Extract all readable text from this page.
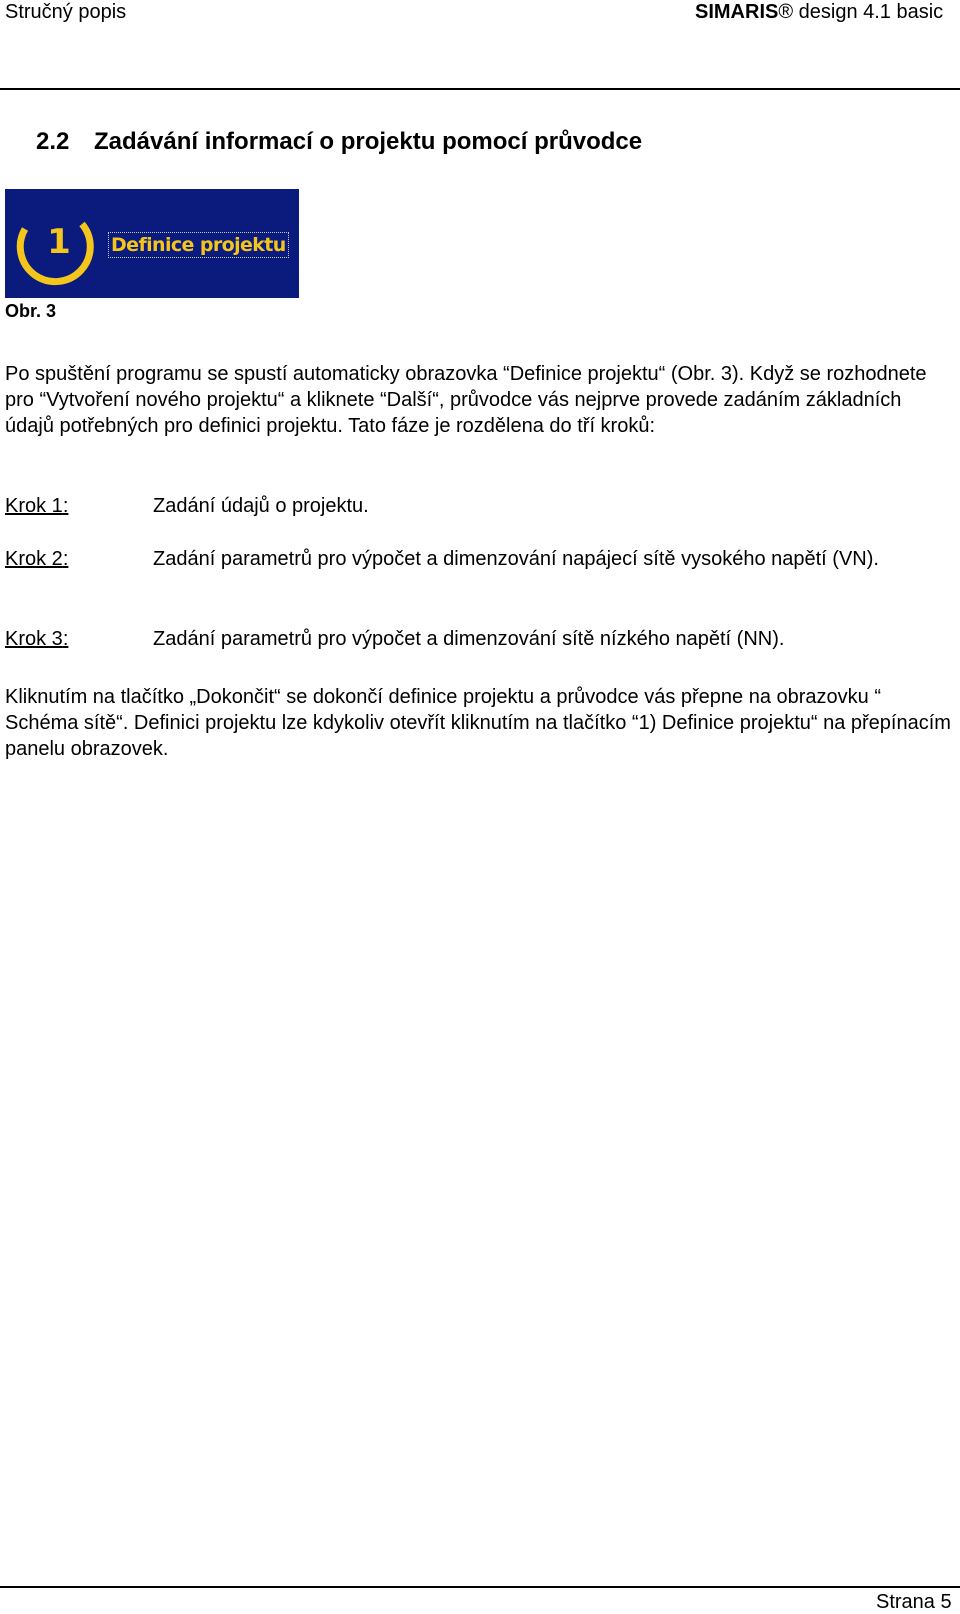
Stručný popis	SIMARIS® design 4.1 basic
2.2 Zadávání informací o projektu pomocí průvodce
1 Definice projektu
Obr. 3
Po spuštění programu se spustí automaticky obrazovka “Definice projektu“ (Obr. 3). Když se rozhodnete pro “Vytvoření nového projektu“ a kliknete “Další“, průvodce vás nejprve provede zadáním základních údajů potřebných pro definici projektu. Tato fáze je rozdělena do tří kroků:
Krok 1:	Zadání údajů o projektu.
Krok 2:	Zadání parametrů pro výpočet a dimenzování napájecí sítě vysokého napětí (VN).
Krok 3:	Zadání parametrů pro výpočet a dimenzování sítě nízkého napětí (NN).
Kliknutím na tlačítko „Dokončit“ se dokončí definice projektu a průvodce vás přepne na obrazovku “ Schéma sítě“. Definici projektu lze kdykoliv otevřít kliknutím na tlačítko “1) Definice projektu“ na přepínacím panelu obrazovek.
Strana 5
